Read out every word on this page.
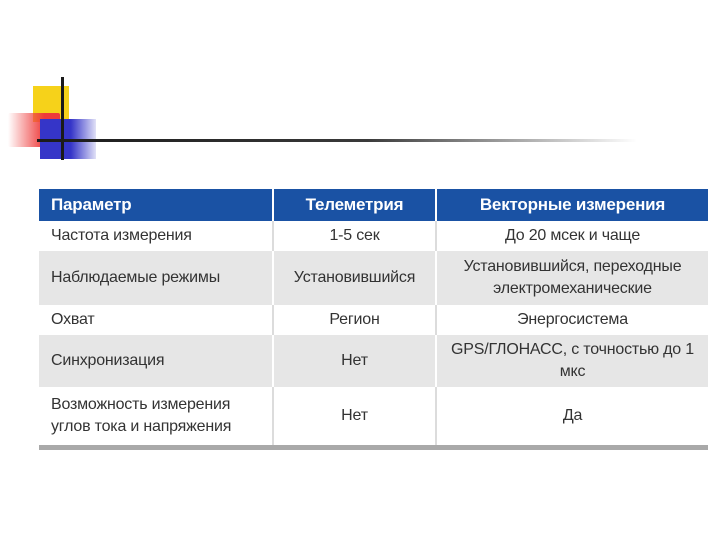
Параметр	Телеметрия	Векторные измерения
Частота измерения	1-5 сек	До 20 мсек и чаще
Наблюдаемые режимы	Установившийся	Установившийся, переходные электромеханические
Охват	Регион	Энергосистема
Синхронизация	Нет	GPS/ГЛОНАСС, с точностью до 1 мкс
Возможность измерения углов тока и напряжения	Нет	Да
